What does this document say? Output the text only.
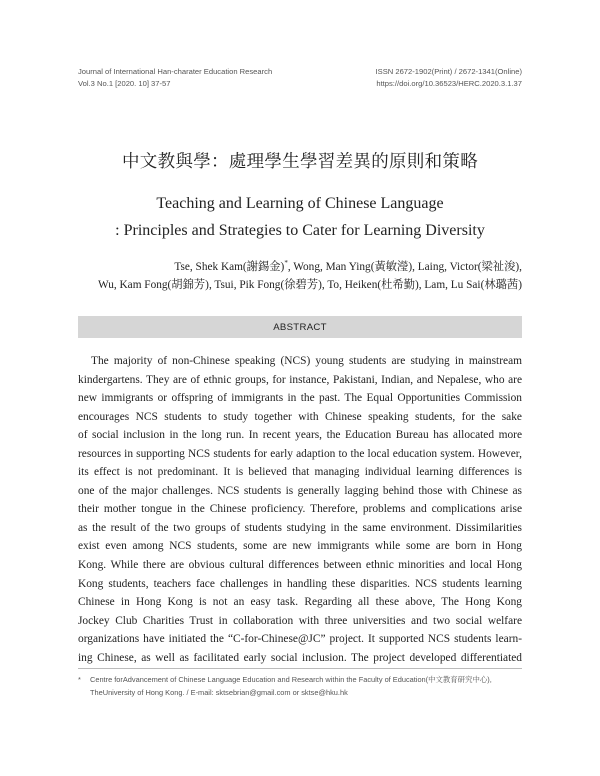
Journal of International Han-charater Education Research
Vol.3 No.1 [2020. 10] 37-57
ISSN 2672-1902(Print) / 2672-1341(Online)
https://doi.org/10.36523/HERC.2020.3.1.37
中文教與學：處理學生學習差異的原則和策略
Teaching and Learning of Chinese Language
: Principles and Strategies to Cater for Learning Diversity
Tse, Shek Kam(謝錫金)*, Wong, Man Ying(黃敏瀅), Laing, Victor(梁祉浚),
Wu, Kam Fong(胡錦芳), Tsui, Pik Fong(徐碧芳), To, Heiken(杜希勤), Lam, Lu Sai(林璐茜)
ABSTRACT
The majority of non-Chinese speaking (NCS) young students are studying in mainstream
kindergartens. They are of ethnic groups, for instance, Pakistani, Indian, and Nepalese, who are
new immigrants or offspring of immigrants in the past. The Equal Opportunities Commission
encourages NCS students to study together with Chinese speaking students, for the sake
of social inclusion in the long run. In recent years, the Education Bureau has allocated more
resources in supporting NCS students for early adaption to the local education system. However,
its effect is not predominant. It is believed that managing individual learning differences is
one of the major challenges. NCS students is generally lagging behind those with Chinese as
their mother tongue in the Chinese proficiency. Therefore, problems and complications arise
as the result of the two groups of students studying in the same environment. Dissimilarities
exist even among NCS students, some are new immigrants while some are born in Hong
Kong. While there are obvious cultural differences between ethnic minorities and local Hong
Kong students, teachers face challenges in handling these disparities. NCS students learning
Chinese in Hong Kong is not an easy task. Regarding all these above, The Hong Kong
Jockey Club Charities Trust in collaboration with three universities and two social welfare
organizations have initiated the “C-for-Chinese@JC” project. It supported NCS students learn-
ing Chinese, as well as facilitated early social inclusion. The project developed differentiated
* Centre forAdvancement of Chinese Language Education and Research within the Faculty of Education(中文教育研究中心),
TheUniversity of Hong Kong. / E-mail: sktsebrian@gmail.com or sktse@hku.hk
